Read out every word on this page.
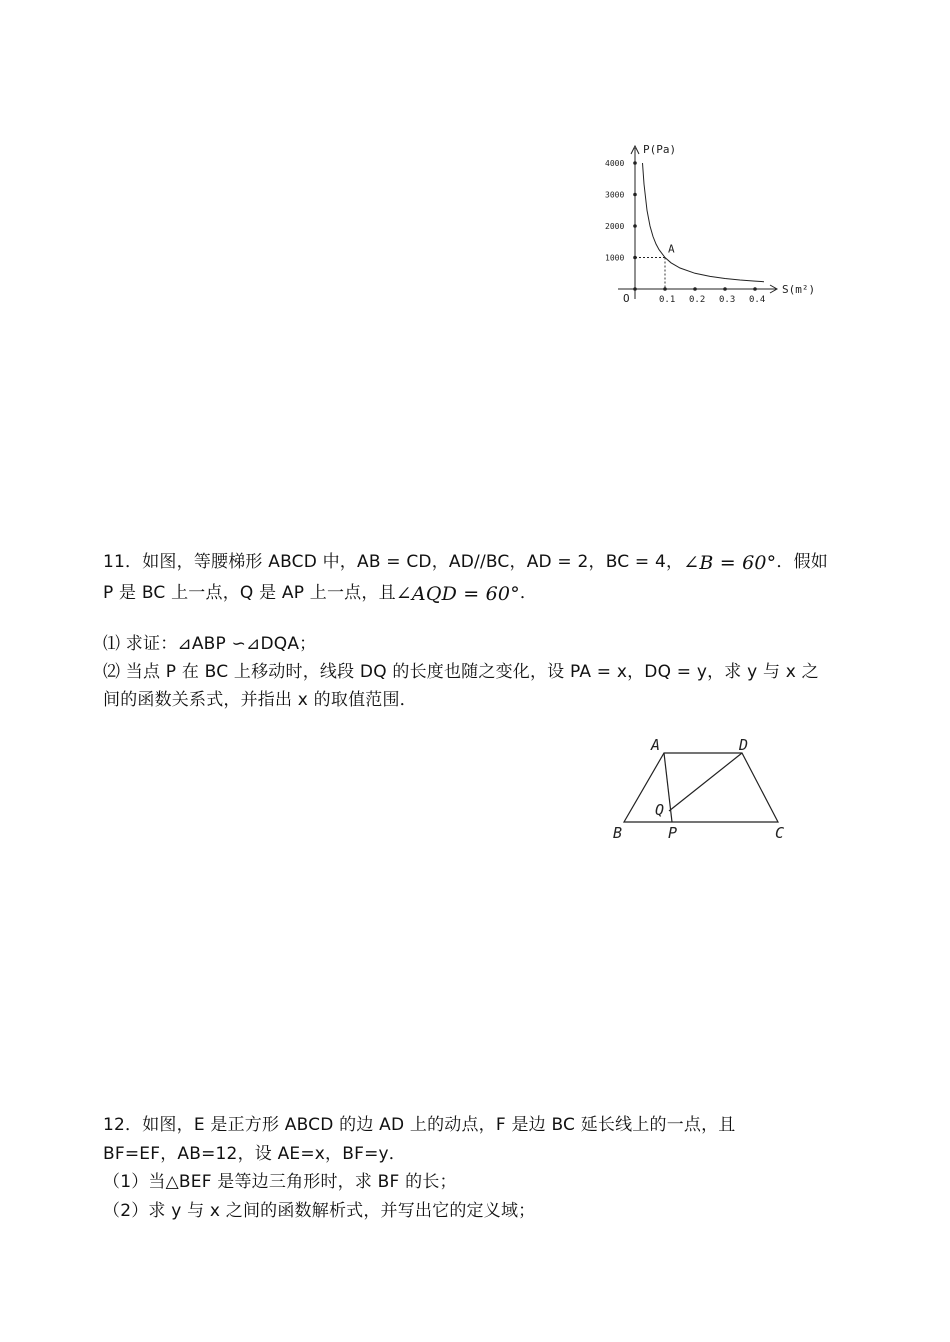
0.1 0.2 0.3 0.4
1000
2000
3000
4000
P(Pa)
S(m²)
O
A
11．如图，等腰梯形 ABCD 中，AB = CD，AD//BC，AD = 2，BC = 4，∠B = 60°．假如
P 是 BC 上一点，Q 是 AP 上一点，且∠AQD = 60°．
⑴ 求证：⊿ABP ∽⊿DQA；
⑵ 当点 P 在 BC 上移动时，线段 DQ 的长度也随之变化，设 PA = x，DQ = y，求 y 与 x 之
间的函数关系式，并指出 x 的取值范围．
A	D
Q
B	P	C
12．如图，E 是正方形 ABCD 的边 AD 上的动点，F 是边 BC 延长线上的一点，且
BF=EF，AB=12，设 AE=x，BF=y．
（1）当△BEF 是等边三角形时，求 BF 的长；
（2）求 y 与 x 之间的函数解析式，并写出它的定义域；
